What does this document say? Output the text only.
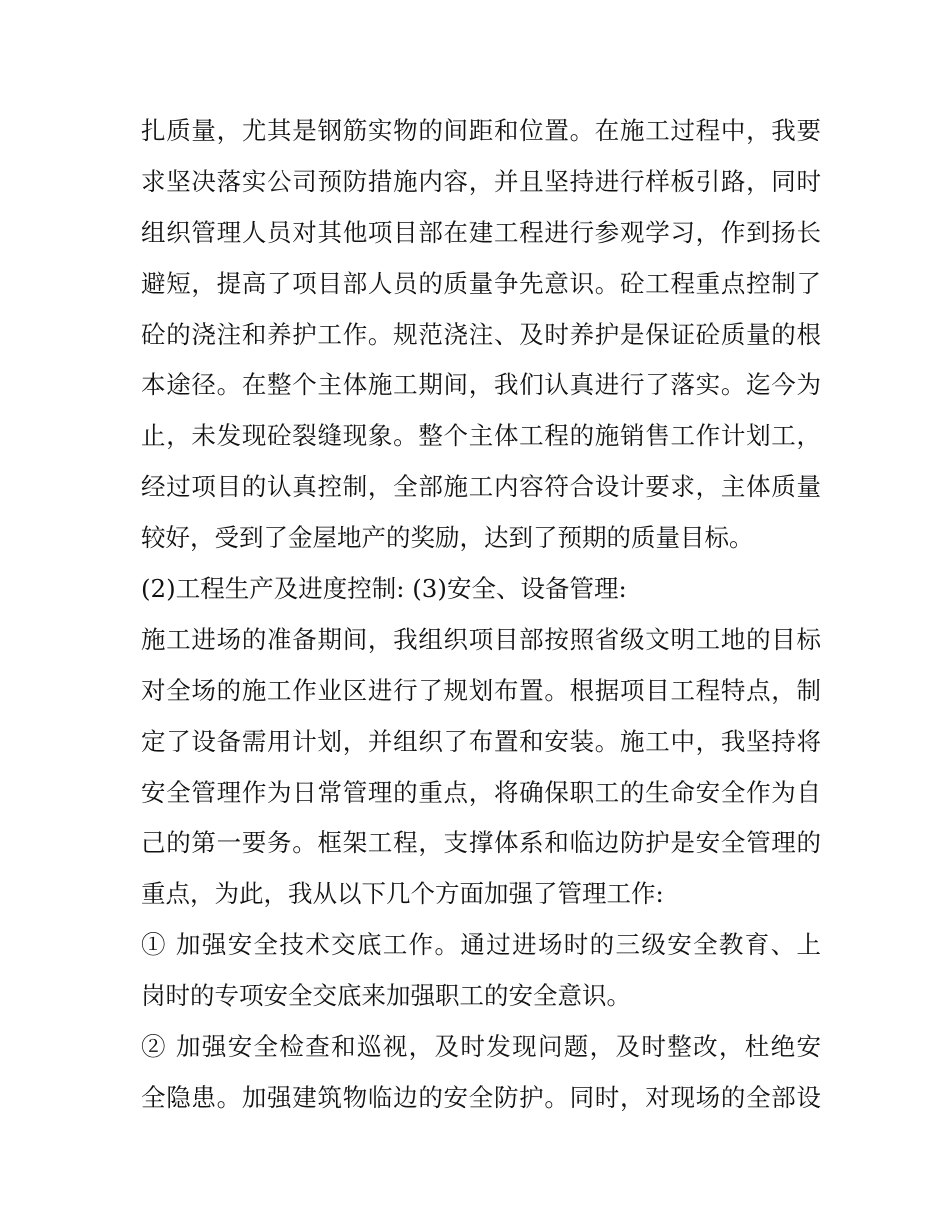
扎质量，尤其是钢筋实物的间距和位置。在施工过程中，我要
求坚决落实公司预防措施内容，并且坚持进行样板引路，同时
组织管理人员对其他项目部在建工程进行参观学习，作到扬长
避短，提高了项目部人员的质量争先意识。砼工程重点控制了
砼的浇注和养护工作。规范浇注、及时养护是保证砼质量的根
本途径。在整个主体施工期间，我们认真进行了落实。迄今为
止，未发现砼裂缝现象。整个主体工程的施销售工作计划工，
经过项目的认真控制，全部施工内容符合设计要求，主体质量
较好，受到了金屋地产的奖励，达到了预期的质量目标。
(2)工程生产及进度控制: (3)安全、设备管理:
施工进场的准备期间，我组织项目部按照省级文明工地的目标
对全场的施工作业区进行了规划布置。根据项目工程特点，制
定了设备需用计划，并组织了布置和安装。施工中，我坚持将
安全管理作为日常管理的重点，将确保职工的生命安全作为自
己的第一要务。框架工程，支撑体系和临边防护是安全管理的
重点，为此，我从以下几个方面加强了管理工作:
① 加强安全技术交底工作。通过进场时的三级安全教育、上
岗时的专项安全交底来加强职工的安全意识。
② 加强安全检查和巡视，及时发现问题，及时整改，杜绝安
全隐患。加强建筑物临边的安全防护。同时，对现场的全部设
